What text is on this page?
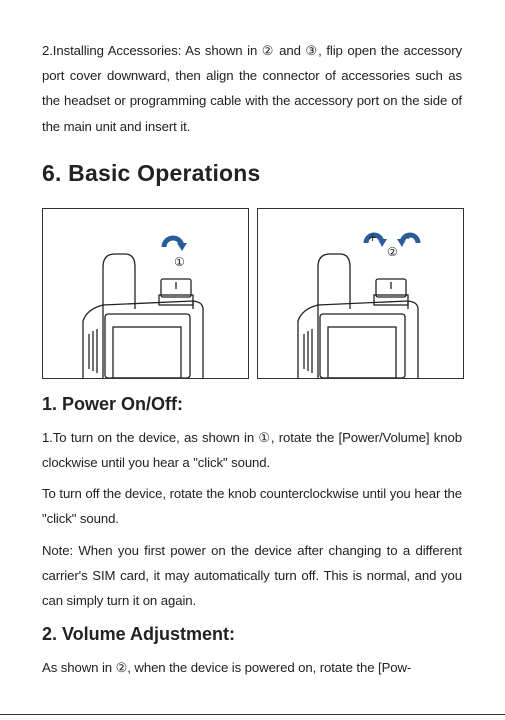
2.Installing Accessories: As shown in ② and ③, flip open the accessory port cover downward, then align the connector of accessories such as the headset or programming cable with the accessory port on the side of the main unit and insert it.
6. Basic Operations
①
+	-
②
1. Power On/Off:
1.To turn on the device, as shown in ①, rotate the [Power/Volume] knob clockwise until you hear a "click" sound.
To turn off the device, rotate the knob counterclockwise until you hear the "click" sound.
Note: When you first power on the device after changing to a different carrier's SIM card, it may automatically turn off. This is normal, and you can simply turn it on again.
2. Volume Adjustment:
As shown in ②, when the device is powered on, rotate the [Pow-
